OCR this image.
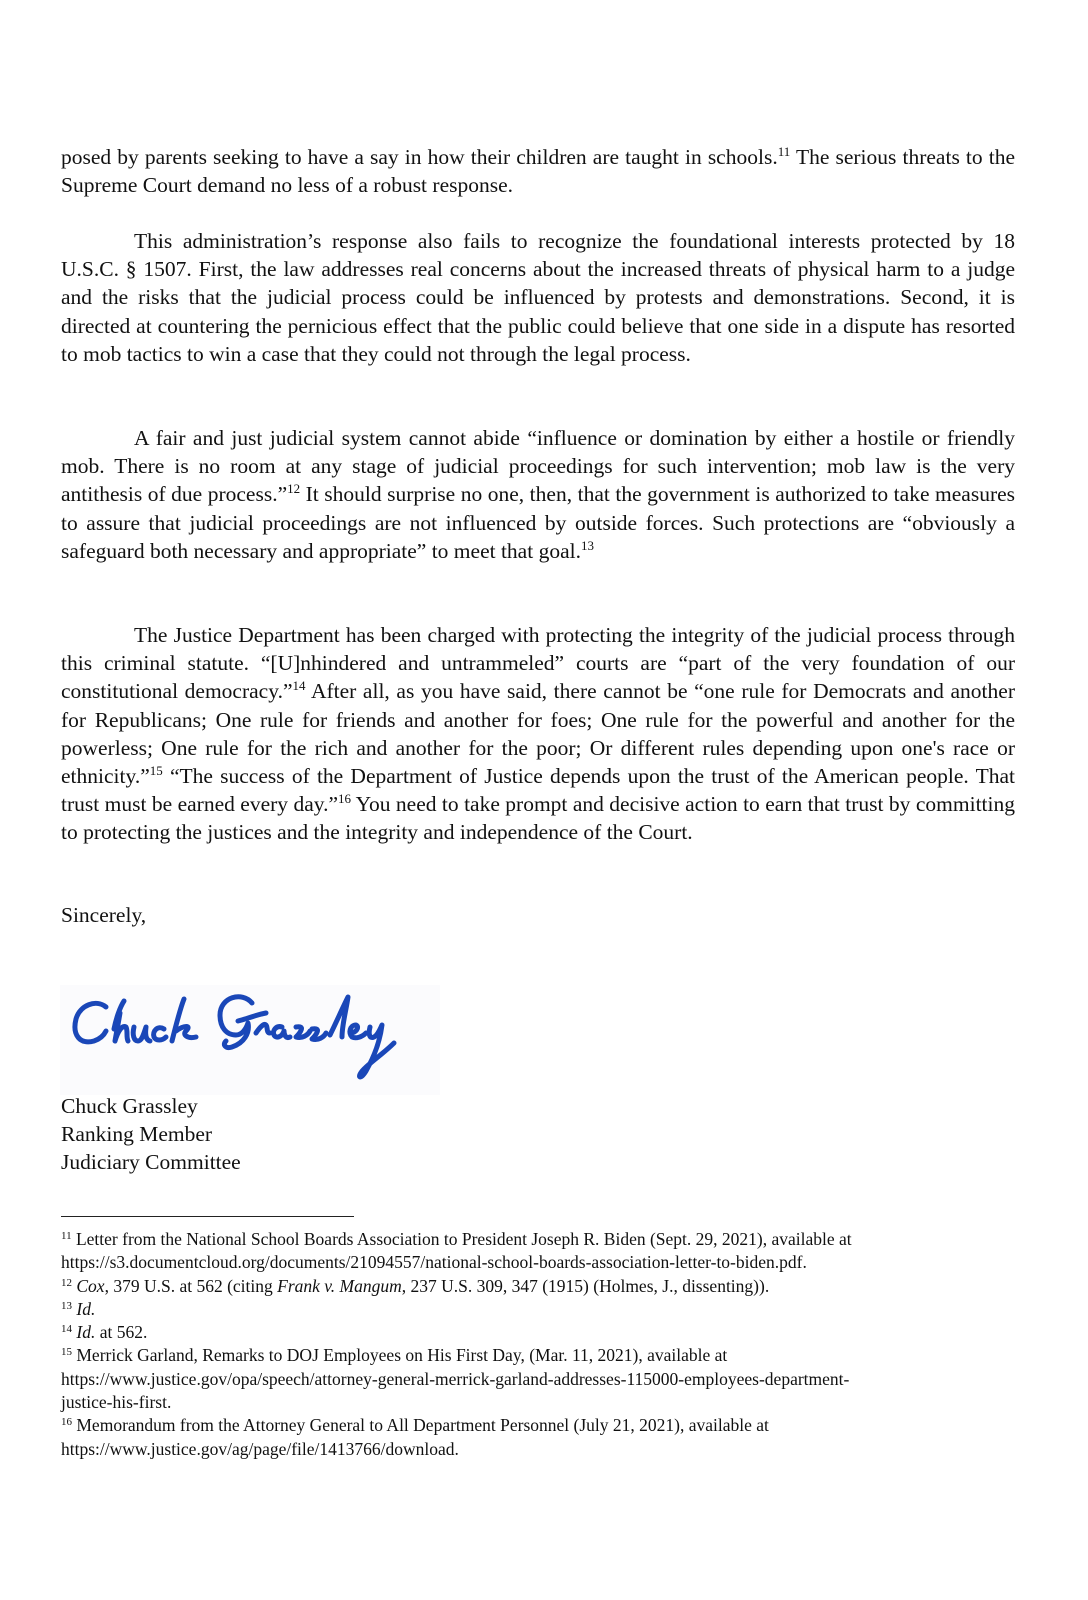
posed by parents seeking to have a say in how their children are taught in schools.$^{11}$ The serious threats to the Supreme Court demand no less of a robust response.

This administration’s response also fails to recognize the foundational interests protected by 18 U.S.C. § 1507. First, the law addresses real concerns about the increased threats of physical harm to a judge and the risks that the judicial process could be influenced by protests and demonstrations. Second, it is directed at countering the pernicious effect that the public could believe that one side in a dispute has resorted to mob tactics to win a case that they could not through the legal process.

A fair and just judicial system cannot abide “influence or domination by either a hostile or friendly mob. There is no room at any stage of judicial proceedings for such intervention; mob law is the very antithesis of due process.”$^{12}$ It should surprise no one, then, that the government is authorized to take measures to assure that judicial proceedings are not influenced by outside forces. Such protections are “obviously a safeguard both necessary and appropriate” to meet that goal.$^{13}$

The Justice Department has been charged with protecting the integrity of the judicial process through this criminal statute. “[U]nhindered and untrammeled” courts are “part of the very foundation of our constitutional democracy.”$^{14}$ After all, as you have said, there cannot be “one rule for Democrats and another for Republicans; One rule for friends and another for foes; One rule for the powerful and another for the powerless; One rule for the rich and another for the poor; Or different rules depending upon one's race or ethnicity.”$^{15}$ “The success of the Department of Justice depends upon the trust of the American people. That trust must be earned every day.”$^{16}$ You need to take prompt and decisive action to earn that trust by committing to protecting the justices and the integrity and independence of the Court.

Sincerely,
Chuck Grassley
Ranking Member
Judiciary Committee
$^{11}$ Letter from the National School Boards Association to President Joseph R. Biden (Sept. 29, 2021), available at
https://s3.documentcloud.org/documents/21094557/national-school-boards-association-letter-to-biden.pdf.
$^{12}$ Cox, 379 U.S. at 562 (citing Frank v. Mangum, 237 U.S. 309, 347 (1915) (Holmes, J., dissenting)).
$^{13}$ Id.
$^{14}$ Id. at 562.
$^{15}$ Merrick Garland, Remarks to DOJ Employees on His First Day, (Mar. 11, 2021), available at
https://www.justice.gov/opa/speech/attorney-general-merrick-garland-addresses-115000-employees-department-
justice-his-first.
$^{16}$ Memorandum from the Attorney General to All Department Personnel (July 21, 2021), available at
https://www.justice.gov/ag/page/file/1413766/download.
